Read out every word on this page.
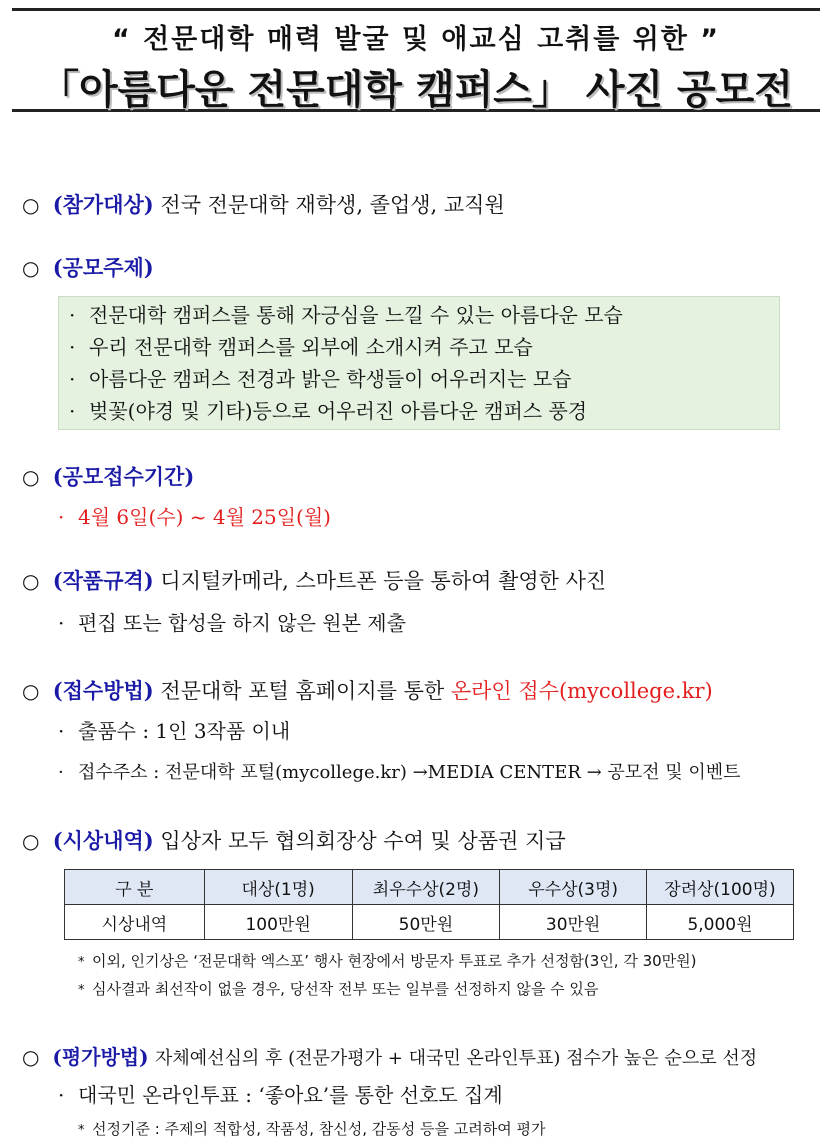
“ 전문대학 매력 발굴 및 애교심 고취를 위한 ”
「아름다운 전문대학 캠퍼스」 사진 공모전
○ (참가대상) 전국 전문대학 재학생, 졸업생, 교직원
○ (공모주제)
· 전문대학 캠퍼스를 통해 자긍심을 느낄 수 있는 아름다운 모습
· 우리 전문대학 캠퍼스를 외부에 소개시켜 주고 모습
· 아름다운 캠퍼스 전경과 밝은 학생들이 어우러지는 모습
· 벚꽃(야경 및 기타)등으로 어우러진 아름다운 캠퍼스 풍경
○ (공모접수기간)
· 4월 6일(수) ~ 4월 25일(월)
○ (작품규격) 디지털카메라, 스마트폰 등을 통하여 촬영한 사진
· 편집 또는 합성을 하지 않은 원본 제출
○ (접수방법) 전문대학 포털 홈페이지를 통한 온라인 접수(mycollege.kr)
· 출품수 : 1인 3작품 이내
· 접수주소 : 전문대학 포털(mycollege.kr) →MEDIA CENTER → 공모전 및 이벤트
○ (시상내역) 입상자 모두 협의회장상 수여 및 상품권 지급
구 분	대상(1명)	최우수상(2명)	우수상(3명)	장려상(100명)
시상내역	100만원	50만원	30만원	5,000원
* 이외, 인기상은 ‘전문대학 엑스포’ 행사 현장에서 방문자 투표로 추가 선정함(3인, 각 30만원)
* 심사결과 최선작이 없을 경우, 당선작 전부 또는 일부를 선정하지 않을 수 있음
○ (평가방법) 자체예선심의 후 (전문가평가 + 대국민 온라인투표) 점수가 높은 순으로 선정
· 대국민 온라인투표 : ‘좋아요’를 통한 선호도 집계
* 선정기준 : 주제의 적합성, 작품성, 참신성, 감동성 등을 고려하여 평가
